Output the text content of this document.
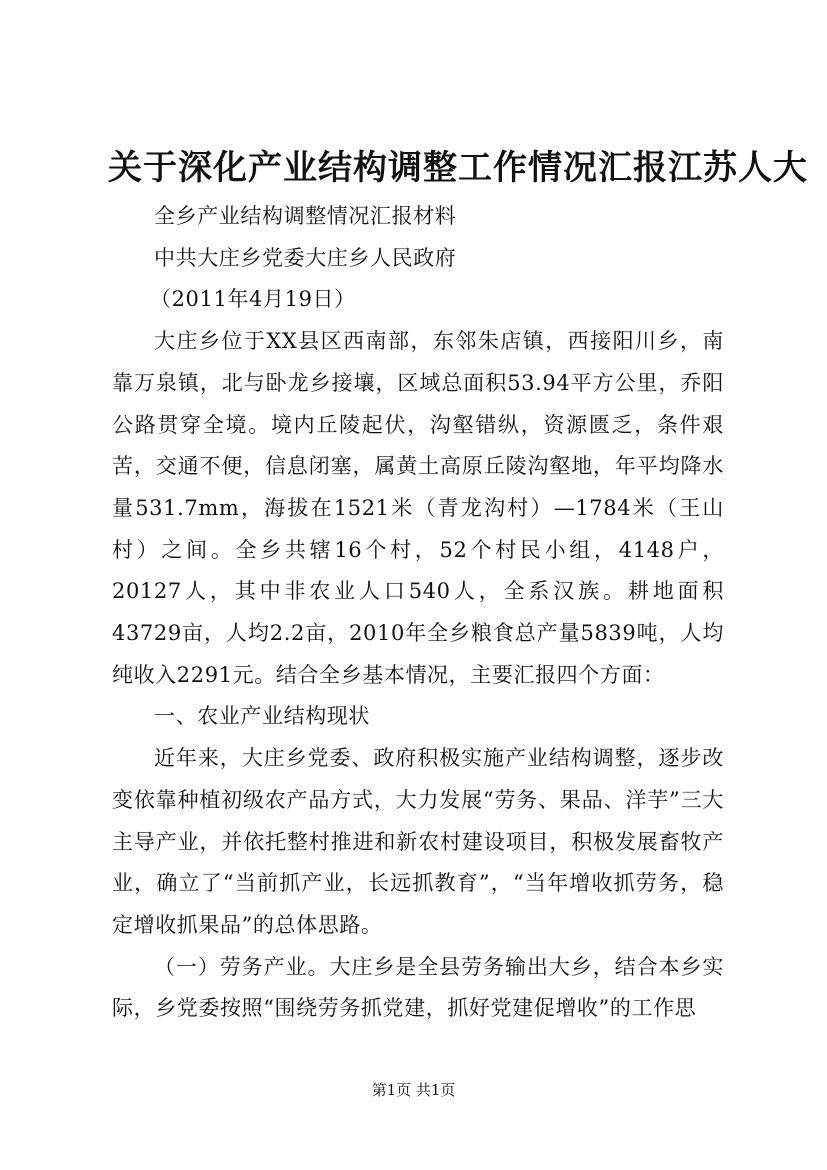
关于深化产业结构调整工作情况汇报江苏人大

全乡产业结构调整情况汇报材料

中共大庄乡党委大庄乡人民政府

（2011年4月19日）

大庄乡位于XX县区西南部，东邻朱店镇，西接阳川乡，南靠万泉镇，北与卧龙乡接壤，区域总面积53.94平方公里，乔阳公路贯穿全境。境内丘陵起伏，沟壑错纵，资源匮乏，条件艰苦，交通不便，信息闭塞，属黄土高原丘陵沟壑地，年平均降水量531.7mm，海拔在1521米（青龙沟村）—1784米（王山村）之间。全乡共辖16个村，52个村民小组，4148户，20127人，其中非农业人口540人，全系汉族。耕地面积43729亩，人均2.2亩，2010年全乡粮食总产量5839吨，人均纯收入2291元。结合全乡基本情况，主要汇报四个方面：

一、农业产业结构现状

近年来，大庄乡党委、政府积极实施产业结构调整，逐步改变依靠种植初级农产品方式，大力发展“劳务、果品、洋芋”三大主导产业，并依托整村推进和新农村建设项目，积极发展畜牧产业，确立了“当前抓产业，长远抓教育”，“当年增收抓劳务，稳定增收抓果品”的总体思路。

（一）劳务产业。大庄乡是全县劳务输出大乡，结合本乡实际，乡党委按照“围绕劳务抓党建，抓好党建促增收”的工作思

第1页 共1页
